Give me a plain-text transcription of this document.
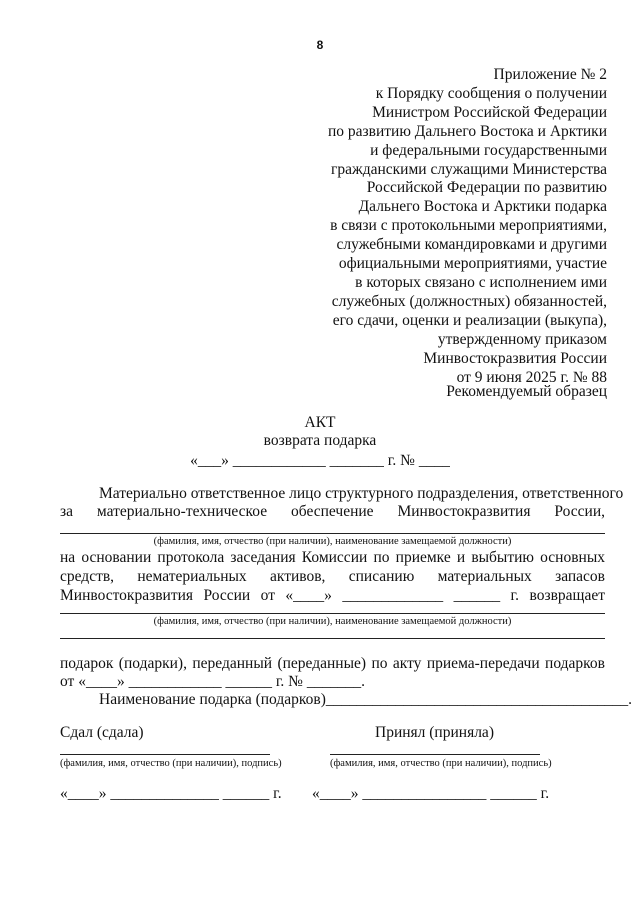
8
Приложение № 2
к Порядку сообщения о получении
Министром Российской Федерации
по развитию Дальнего Востока и Арктики
и федеральными государственными
гражданскими служащими Министерства
Российской Федерации по развитию
Дальнего Востока и Арктики подарка
в связи с протокольными мероприятиями,
служебными командировками и другими
официальными мероприятиями, участие
в которых связано с исполнением ими
служебных (должностных) обязанностей,
его сдачи, оценки и реализации (выкупа),
утвержденному приказом
Минвостокразвития России
от 9 июня 2025 г. № 88
Рекомендуемый образец
АКТ
возврата подарка
«___» ____________ _______ г. № ____
Материально ответственное лицо структурного подразделения, ответственного
за материально-техническое обеспечение Минвостокразвития России,
(фамилия, имя, отчество (при наличии), наименование замещаемой должности)
на основании протокола заседания Комиссии по приемке и выбытию основных
средств, нематериальных активов, списанию материальных запасов
Минвостокразвития России от «____» _____________ ______ г. возвращает
(фамилия, имя, отчество (при наличии), наименование замещаемой должности)
подарок (подарки), переданный (переданные) по акту приема-передачи подарков
от «____» ____________ ______ г. № _______.
Наименование подарка (подарков)_______________________________________.
Сдал (сдала)	Принял (приняла)
(фамилия, имя, отчество (при наличии), подпись)	(фамилия, имя, отчество (при наличии), подпись)
«____» ______________ ______ г. «____» ________________ ______ г.
